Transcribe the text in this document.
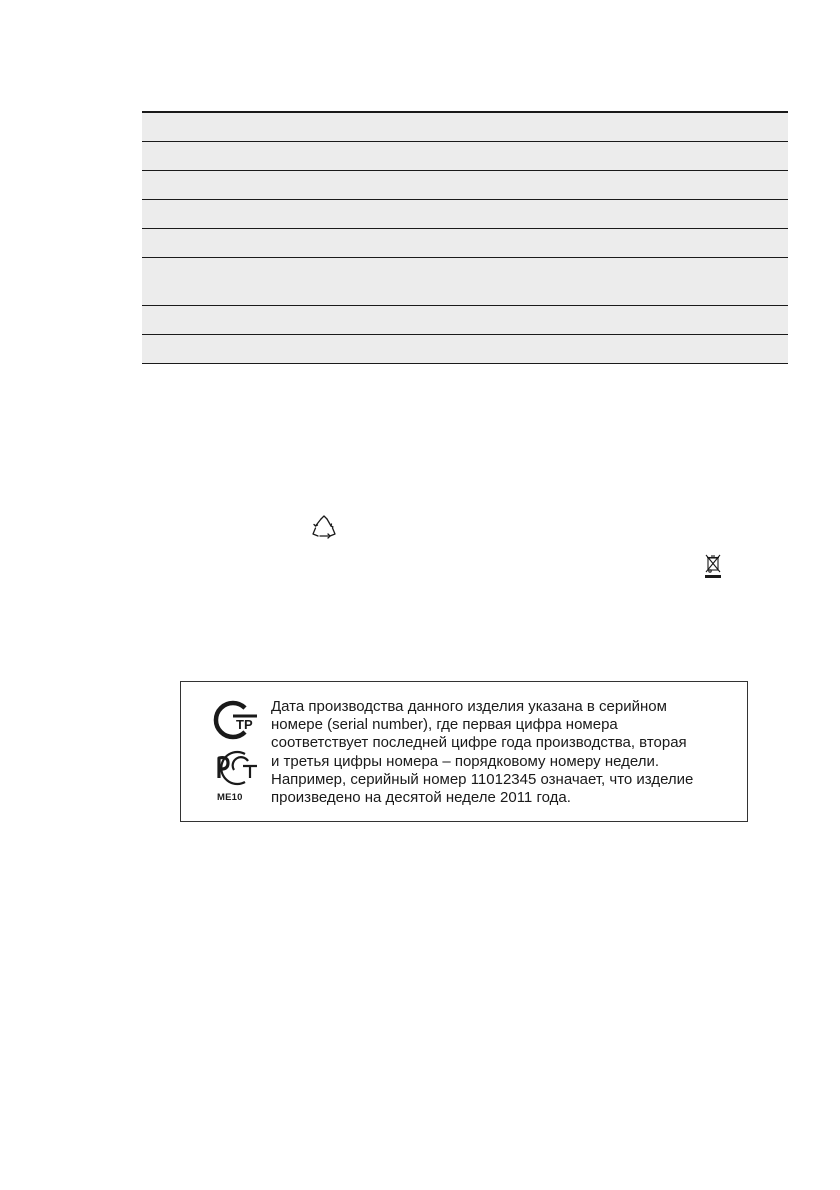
ТР
ME10

Дата производства данного изделия указана в серийном
номере (serial number), где первая цифра номера
соответствует последней цифре года производства, вторая
и третья цифры номера – порядковому номеру недели.
Например, серийный номер 11012345 означает, что изделие
произведено на десятой неделе 2011 года.
